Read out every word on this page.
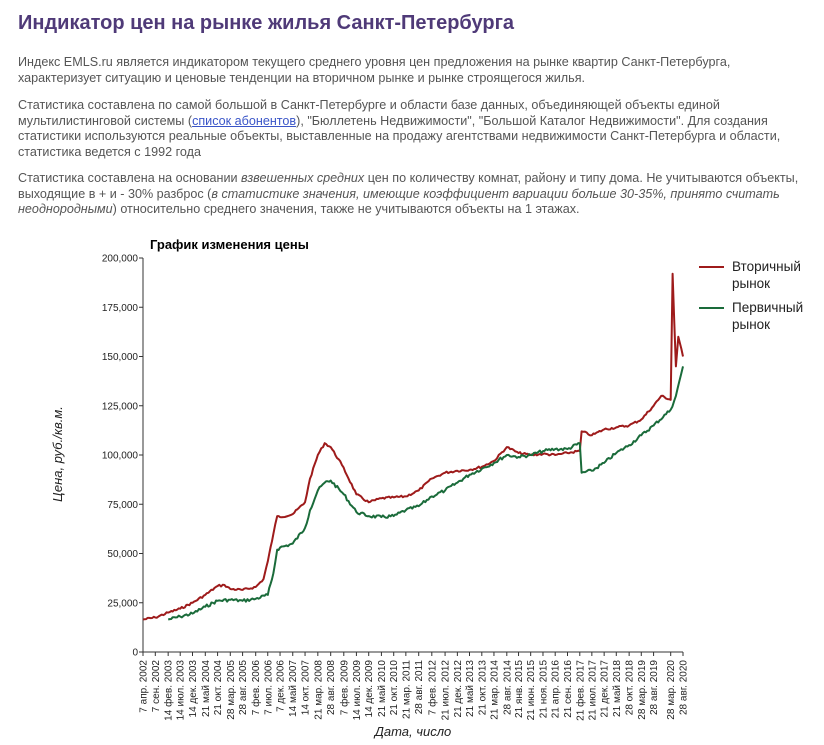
Индикатор цен на рынке жилья Санкт-Петербурга

Индекс EMLS.ru является индикатором текущего среднего уровня цен предложения на рынке квартир Санкт-Петербурга, характеризует ситуацию и ценовые тенденции на вторичном рынке и рынке строящегося жилья.

Статистика составлена по самой большой в Санкт-Петербурге и области базе данных, объединяющей объекты единой мультилистинговой системы (список абонентов), "Бюллетень Недвижимости", "Большой Каталог Недвижимости". Для создания статистики используются реальные объекты, выставленные на продажу агентствами недвижимости Санкт-Петербурга и области, статистика ведется с 1992 года

Статистика составлена на основании взвешенных средних цен по количеству комнат, району и типу дома. Не учитываются объекты, выходящие в + и - 30% разброс (в статистике значения, имеющие коэффициент вариации больше 30-35%, принято считать неоднородными) относительно среднего значения, также не учитываются объекты на 1 этажах.

График изменения цены
0
25,000
50,000
75,000
100,000
125,000
150,000
175,000
200,000
7 апр. 2002 7 сен. 2002 14 фев. 2003 14 июл. 2003 14 дек. 2003 21 май 2004 21 окт. 2004 28 мар. 2005 28 авг. 2005 7 фев. 2006 7 июл. 2006 7 дек. 2006 14 май 2007 14 окт. 2007 21 мар. 2008 28 авг. 2008 7 фев. 2009 14 июл. 2009 14 дек. 2009 21 май 2010 21 окт. 2010 21 мар. 2011 28 авг. 2011 7 фев. 2012 21 июл. 2012 21 дек. 2012 21 май 2013 21 окт. 2013 21 мар. 2014 28 авг. 2014 21 янв. 2015 21 июн. 2015 21 ноя. 2015 21 апр. 2016 21 сен. 2016 21 фев. 2017 21 июл. 2017 21 дек. 2017 21 май 2018 28 окт. 2018 28 мар. 2019 28 авг. 2019 28 мар. 2020 28 авг. 2020
Цена, руб./кв.м.
Дата, число
Вторичный рынок
Первичный рынок
